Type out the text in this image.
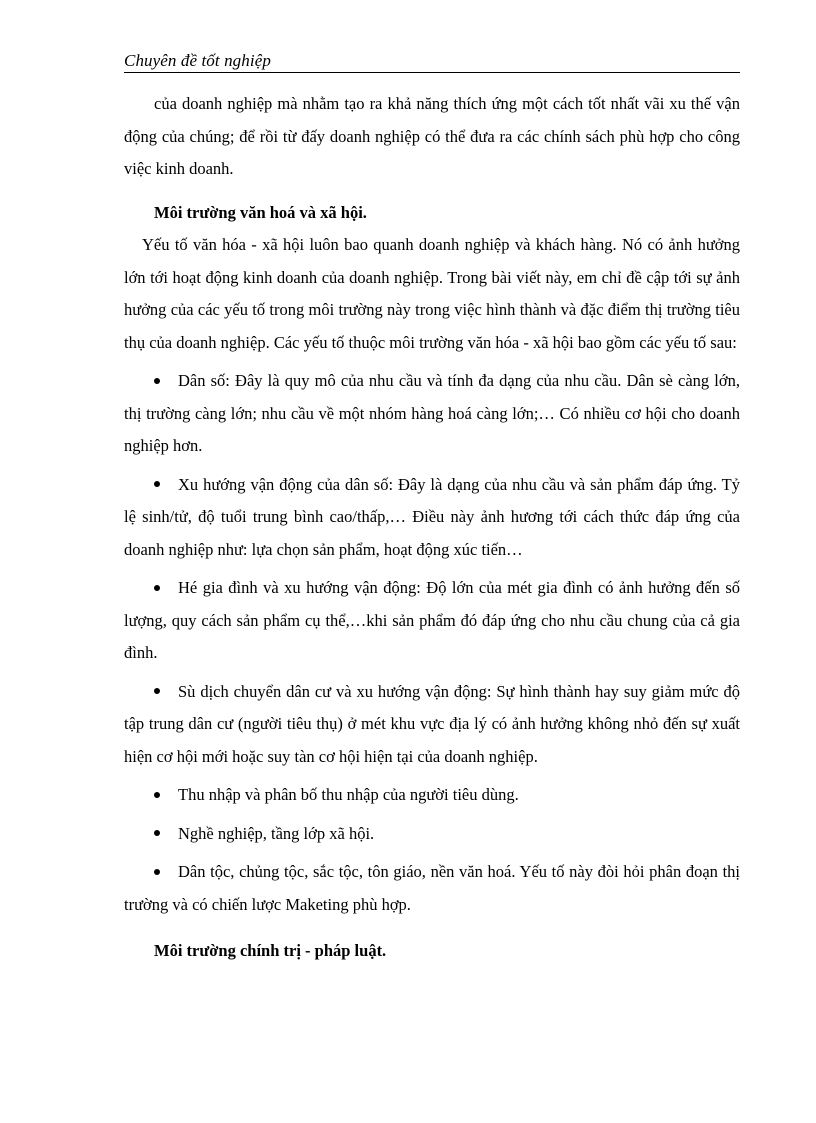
Chuyên đề tốt nghiệp

của doanh nghiệp mà nhằm tạo ra khả năng thích ứng một cách tốt nhất vãi xu thế vận động của chúng; để rồi từ đấy doanh nghiệp có thể đưa ra các chính sách phù hợp cho công việc kinh doanh.

Môi trường văn hoá và xã hội.

Yếu tố văn hóa - xã hội luôn bao quanh doanh nghiệp và khách hàng. Nó có ảnh hưởng lớn tới hoạt động kinh doanh của doanh nghiệp. Trong bài viết này, em chỉ đề cập tới sự ảnh hưởng của các yếu tố trong môi trường này trong việc hình thành và đặc điểm thị trường tiêu thụ của doanh nghiệp. Các yếu tố thuộc môi trường văn hóa - xã hội bao gồm các yếu tố sau:

Dân số: Đây là quy mô của nhu cầu và tính đa dạng của nhu cầu. Dân sè càng lớn, thị trường càng lớn; nhu cầu về một nhóm hàng hoá càng lớn;… Có nhiều cơ hội cho doanh nghiệp hơn.

Xu hướng vận động của dân số: Đây là dạng của nhu cầu và sản phẩm đáp ứng. Tỷ lệ sinh/tử, độ tuổi trung bình cao/thấp,… Điều này ảnh hương tới cách thức đáp ứng của doanh nghiệp như: lựa chọn sản phẩm, hoạt động xúc tiến…

Hé gia đình và xu hướng vận động: Độ lớn của mét gia đình có ảnh hưởng đến số lượng, quy cách sản phẩm cụ thể,…khi sản phẩm đó đáp ứng cho nhu cầu chung của cả gia đình.

Sù dịch chuyển dân cư và xu hướng vận động: Sự hình thành hay suy giảm mức độ tập trung dân cư (người tiêu thụ) ở mét khu vực địa lý có ảnh hưởng không nhỏ đến sự xuất hiện cơ hội mới hoặc suy tàn cơ hội hiện tại của doanh nghiệp.

Thu nhập và phân bố thu nhập của người tiêu dùng.

Nghề nghiệp, tầng lớp xã hội.

Dân tộc, chủng tộc, sắc tộc, tôn giáo, nền văn hoá. Yếu tố này đòi hỏi phân đoạn thị trường và có chiến lược Maketing phù hợp.

Môi trường chính trị - pháp luật.
